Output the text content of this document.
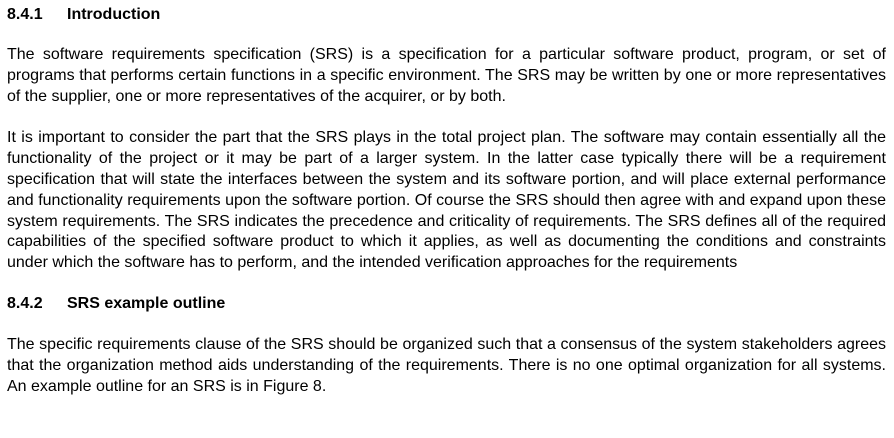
8.4.1	Introduction

The software requirements specification (SRS) is a specification for a particular software product, program, or set of programs that performs certain functions in a specific environment. The SRS may be written by one or more representatives of the supplier, one or more representatives of the acquirer, or by both.

It is important to consider the part that the SRS plays in the total project plan. The software may contain essentially all the functionality of the project or it may be part of a larger system. In the latter case typically there will be a requirement specification that will state the interfaces between the system and its software portion, and will place external performance and functionality requirements upon the software portion. Of course the SRS should then agree with and expand upon these system requirements. The SRS indicates the precedence and criticality of requirements. The SRS defines all of the required capabilities of the specified software product to which it applies, as well as documenting the conditions and constraints under which the software has to perform, and the intended verification approaches for the requirements

8.4.2	SRS example outline

The specific requirements clause of the SRS should be organized such that a consensus of the system stakeholders agrees that the organization method aids understanding of the requirements. There is no one optimal organization for all systems. An example outline for an SRS is in Figure 8.
